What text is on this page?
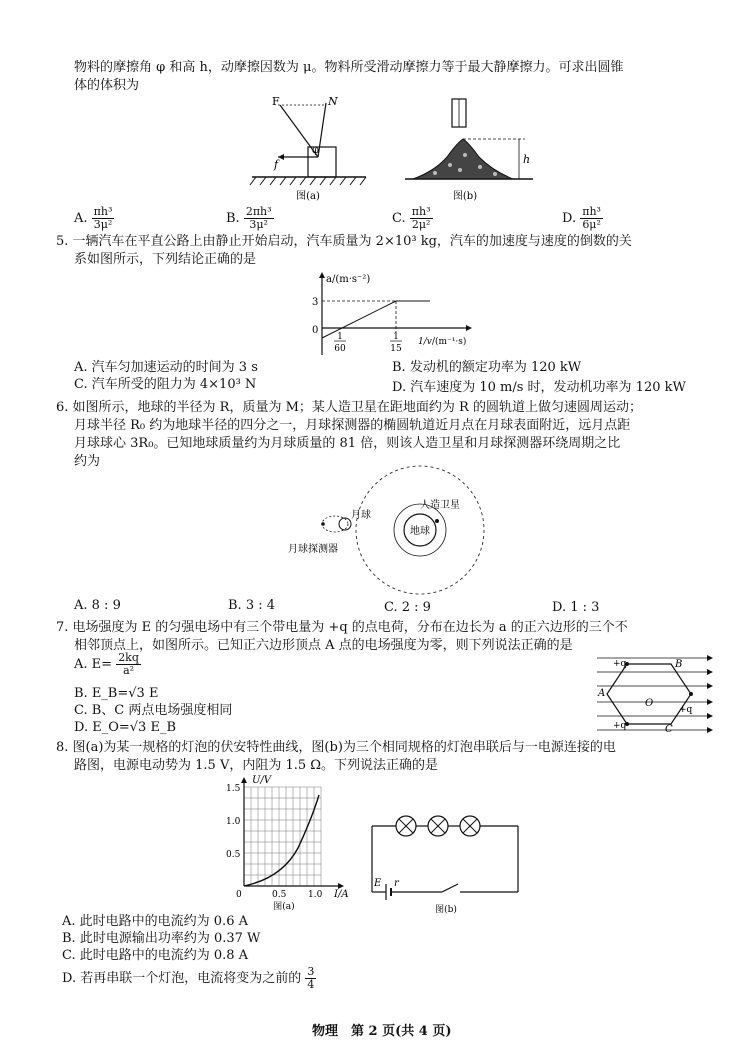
物料的摩擦角 φ 和高 h，动摩擦因数为 μ。物料所受滑动摩擦力等于最大静摩擦力。可求出圆锥
体的体积为
F	N
f
φ
图(a)
h
图(b)
A. $\frac{\text{πh³}}{\text{3μ²}}$	B. $\frac{\text{2πh³}}{\text{3μ²}}$	C. $\frac{\text{πh³}}{\text{2μ²}}$	D. $\frac{\text{πh³}}{\text{6μ²}}$
5. 一辆汽车在平直公路上由静止开始启动，汽车质量为 2×10³ kg，汽车的加速度与速度的倒数的关
系如图所示，下列结论正确的是
a/(m·s⁻²)
3
0
1
60
1
15
1/v /(m⁻¹·s)
A. 汽车匀加速运动的时间为 3 s	B. 发动机的额定功率为 120 kW
C. 汽车所受的阻力为 4×10³ N	D. 汽车速度为 10 m/s 时，发动机功率为 120 kW
6. 如图所示，地球的半径为 R，质量为 M；某人造卫星在距地面约为 R 的圆轨道上做匀速圆周运动；
月球半径 R₀ 约为地球半径的四分之一，月球探测器的椭圆轨道近月点在月球表面附近，远月点距
月球球心 3R₀。已知地球质量约为月球质量的 81 倍，则该人造卫星和月球探测器环绕周期之比
约为
月球
人造卫星
地球
月球探测器
A. 8 : 9	B. 3 : 4	C. 2 : 9	D. 1 : 3
7. 电场强度为 E 的匀强电场中有三个带电量为 +q 的点电荷，分布在边长为 a 的正六边形的三个不
相邻顶点上，如图所示。已知正六边形顶点 A 点的电场强度为零，则下列说法正确的是
A. $E= \frac{2kq}{\text{a²}}$
B. E_B=√3 E
C. B、C 两点电场强度相同
D. E_O=√3 E_B
+q
+q
+q
A
B
C
O
8. 图(a)为某一规格的灯泡的伏安特性曲线，图(b)为三个相同规格的灯泡串联后与一电源连接的电
路图，电源电动势为 1.5 V，内阻为 1.5 Ω。下列说法正确的是
U/V
1.5
1.0
0.5
0	0.5 1.0 I/A
图(a)
E r
图(b)
A. 此时电路中的电流约为 0.6 A
B. 此时电源输出功率约为 0.37 W
C. 此时电路中的电流约为 0.8 A
D. 若再串联一个灯泡，电流将变为之前的 $\frac{3}{4}$
物理　第 2 页(共 4 页)
